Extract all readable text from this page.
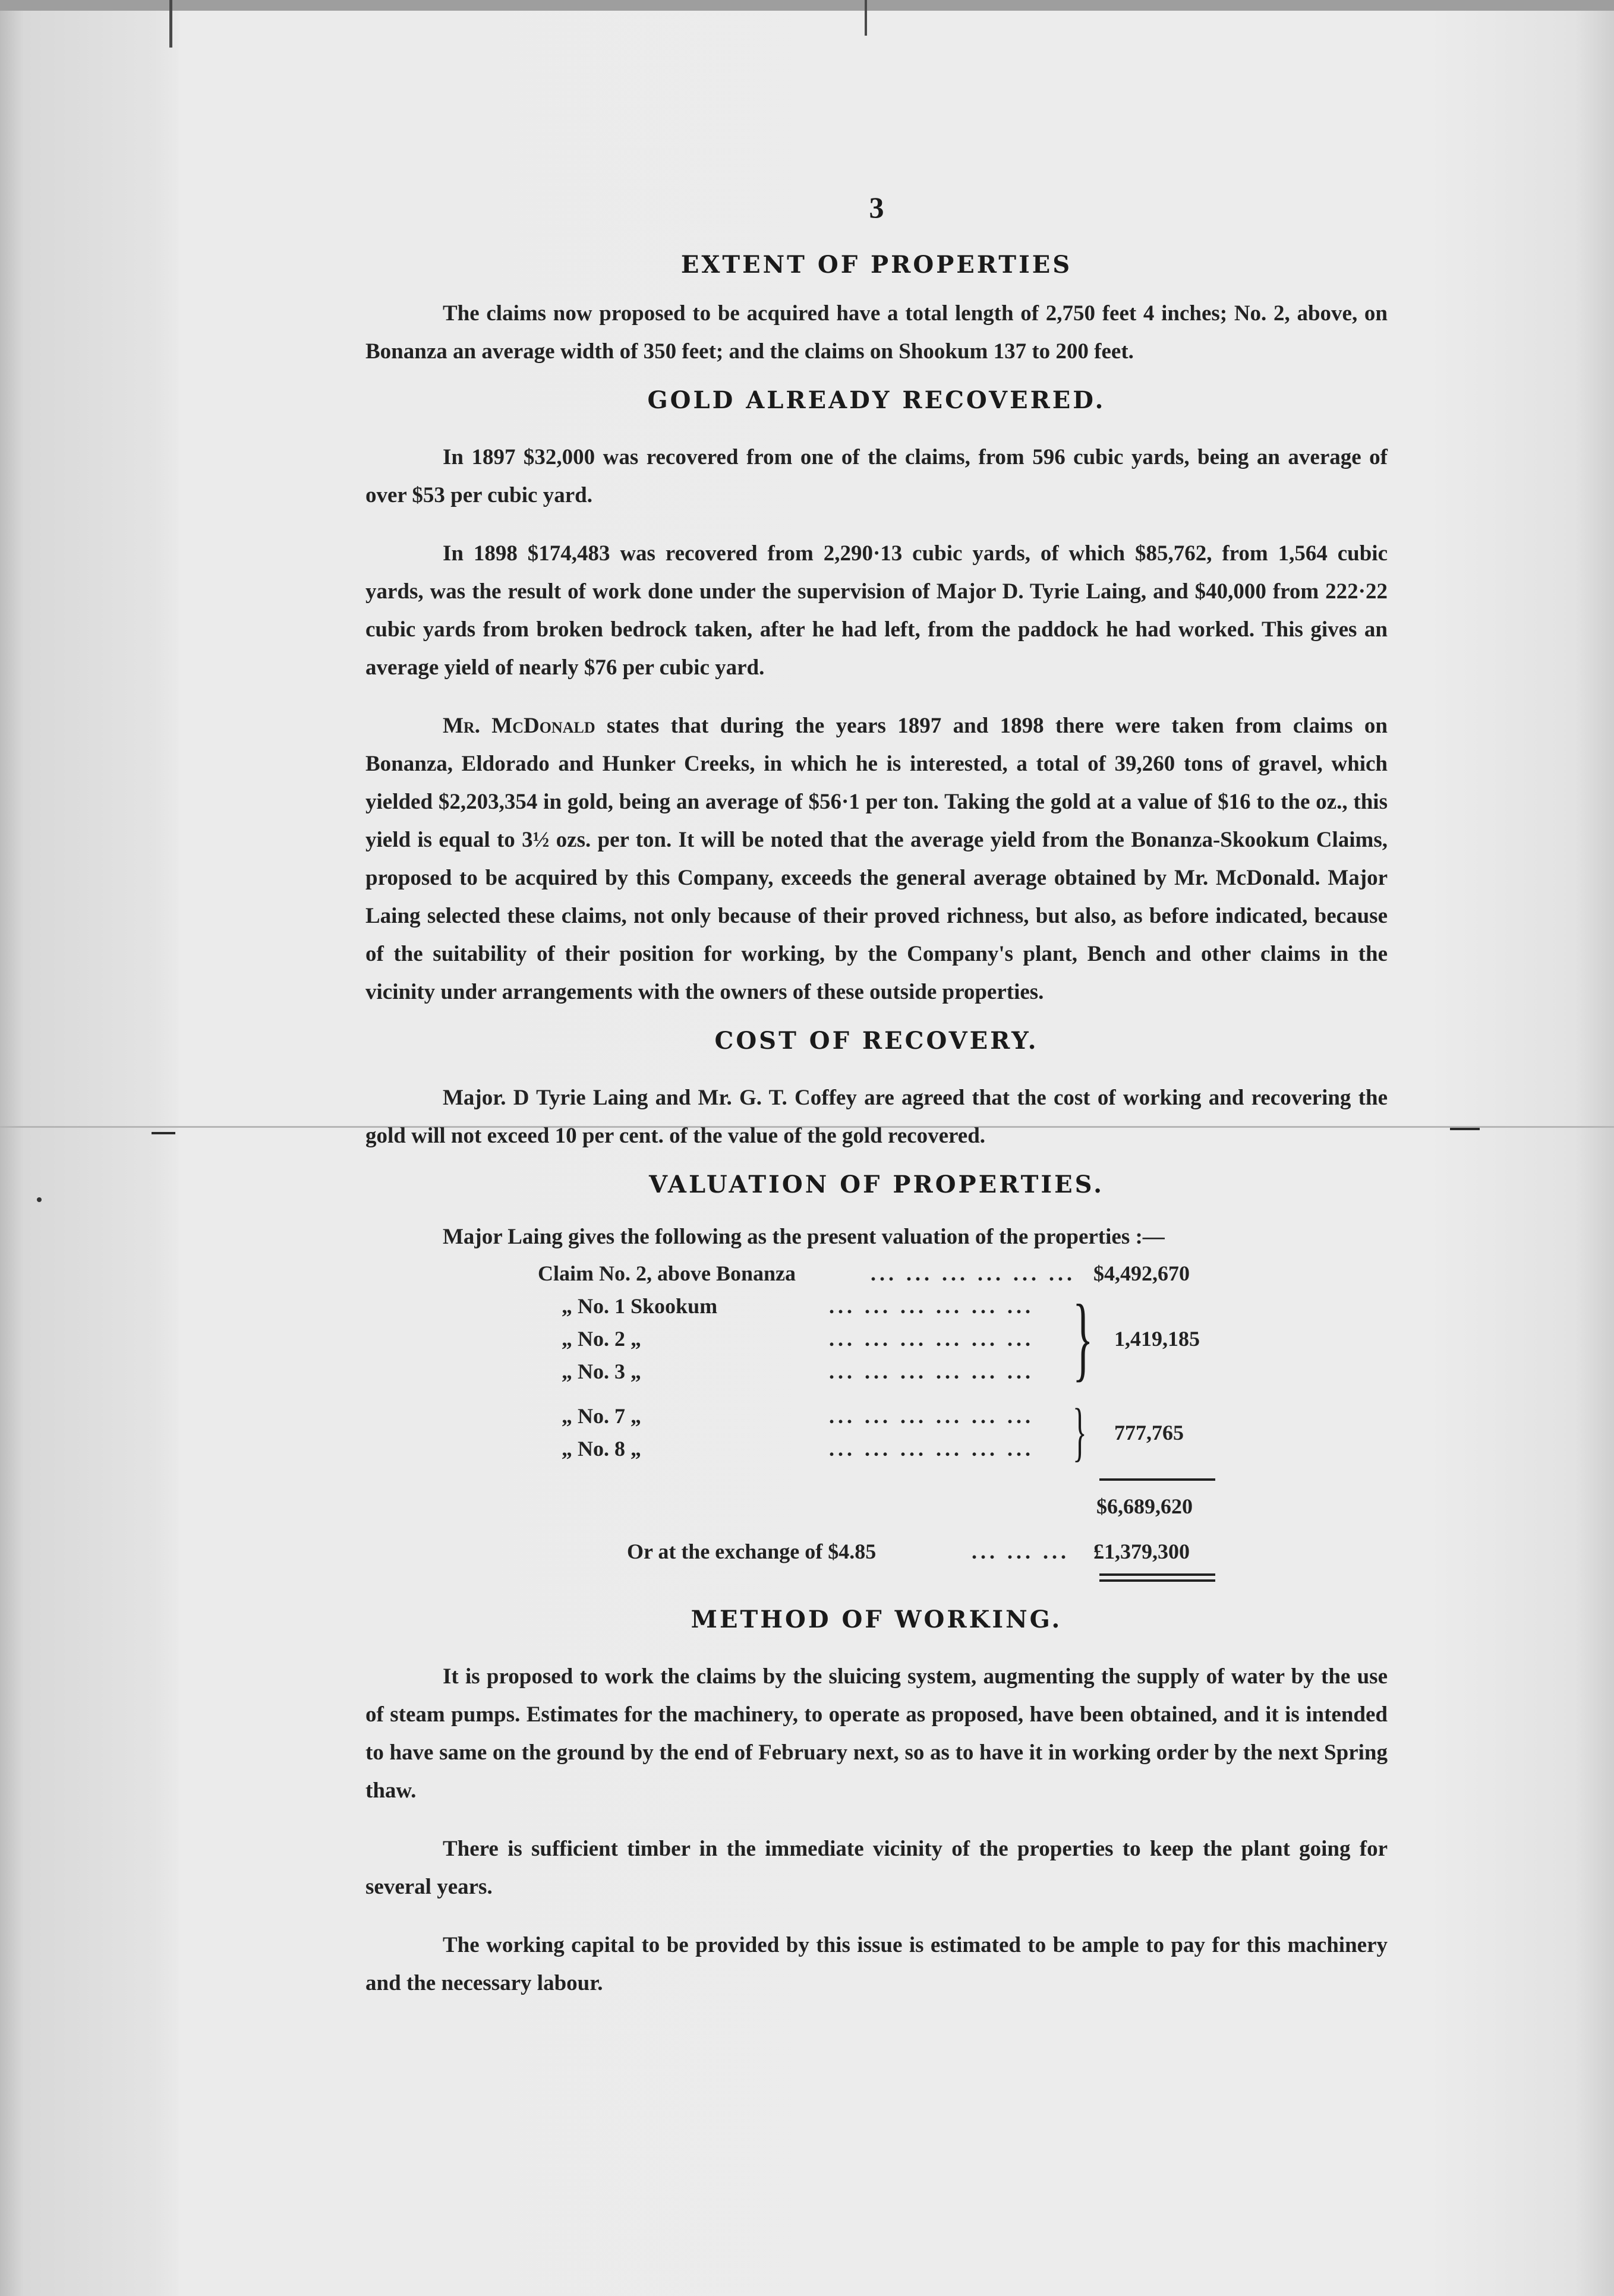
3
EXTENT OF PROPERTIES

The claims now proposed to be acquired have a total length of 2,750 feet 4 inches; No. 2, above, on Bonanza an average width of 350 feet; and the claims on Shookum 137 to 200 feet.

GOLD ALREADY RECOVERED.

In 1897 $32,000 was recovered from one of the claims, from 596 cubic yards, being an average of over $53 per cubic yard.

In 1898 $174,483 was recovered from 2,290·13 cubic yards, of which $85,762, from 1,564 cubic yards, was the result of work done under the supervision of Major D. Tyrie Laing, and $40,000 from 222·22 cubic yards from broken bedrock taken, after he had left, from the paddock he had worked. This gives an average yield of nearly $76 per cubic yard.

Mr. McDonald states that during the years 1897 and 1898 there were taken from claims on Bonanza, Eldorado and Hunker Creeks, in which he is interested, a total of 39,260 tons of gravel, which yielded $2,203,354 in gold, being an average of $56·1 per ton. Taking the gold at a value of $16 to the oz., this yield is equal to 3½ ozs. per ton. It will be noted that the average yield from the Bonanza-Skookum Claims, proposed to be acquired by this Company, exceeds the general average obtained by Mr. McDonald. Major Laing selected these claims, not only because of their proved richness, but also, as before indicated, because of the suitability of their position for working, by the Company's plant, Bench and other claims in the vicinity under arrangements with the owners of these outside properties.

COST OF RECOVERY.

Major. D Tyrie Laing and Mr. G. T. Coffey are agreed that the cost of working and recovering the gold will not exceed 10 per cent. of the value of the gold recovered.

VALUATION OF PROPERTIES.

Major Laing gives the following as the present valuation of the properties :—

Claim No. 2, above Bonanza	... ... ... ... ... ... $4,492,670
„ No. 1 Skookum	... ... ... ... ... ...
„ No. 2 „	... ... ... ... ... ...
„ No. 3 „	... ... ... ... ... ... } 1,419,185
„ No. 7 „	... ... ... ... ... ...
„ No. 8 „	... ... ... ... ... ... } 777,765
$6,689,620
Or at the exchange of $4.85	... ... ... £1,379,300
METHOD OF WORKING.

It is proposed to work the claims by the sluicing system, augmenting the supply of water by the use of steam pumps. Estimates for the machinery, to operate as proposed, have been obtained, and it is intended to have same on the ground by the end of February next, so as to have it in working order by the next Spring thaw.

There is sufficient timber in the immediate vicinity of the properties to keep the plant going for several years.

The working capital to be provided by this issue is estimated to be ample to pay for this machinery and the necessary labour.
